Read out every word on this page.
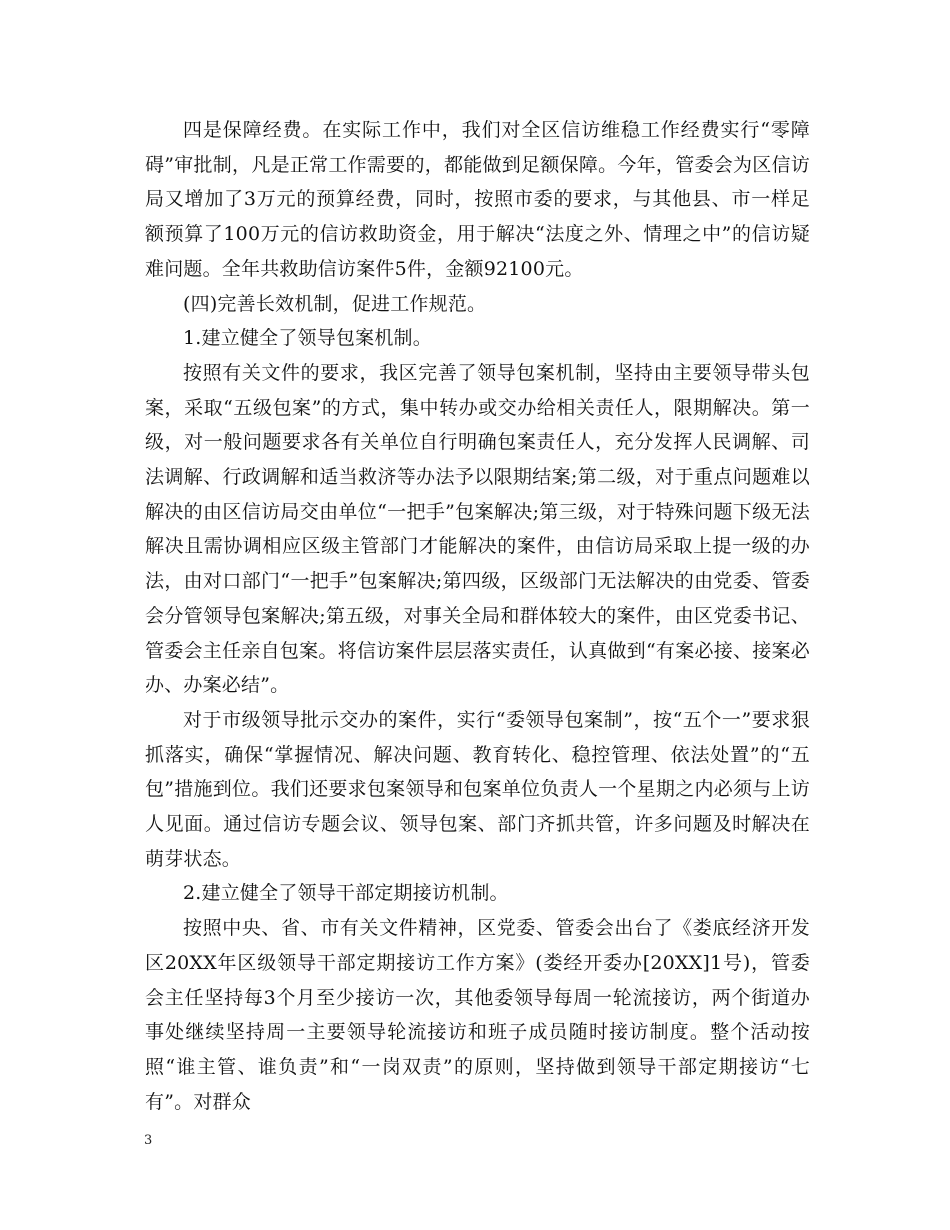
四是保障经费。在实际工作中，我们对全区信访维稳工作经费实行“零障碍”审批制，凡是正常工作需要的，都能做到足额保障。今年，管委会为区信访局又增加了3万元的预算经费，同时，按照市委的要求，与其他县、市一样足额预算了100万元的信访救助资金，用于解决“法度之外、情理之中”的信访疑难问题。全年共救助信访案件5件，金额92100元。

(四)完善长效机制，促进工作规范。

1.建立健全了领导包案机制。

按照有关文件的要求，我区完善了领导包案机制，坚持由主要领导带头包案，采取“五级包案”的方式，集中转办或交办给相关责任人，限期解决。第一级，对一般问题要求各有关单位自行明确包案责任人，充分发挥人民调解、司法调解、行政调解和适当救济等办法予以限期结案;第二级，对于重点问题难以解决的由区信访局交由单位“一把手”包案解决;第三级，对于特殊问题下级无法解决且需协调相应区级主管部门才能解决的案件，由信访局采取上提一级的办法，由对口部门“一把手”包案解决;第四级，区级部门无法解决的由党委、管委会分管领导包案解决;第五级，对事关全局和群体较大的案件，由区党委书记、管委会主任亲自包案。将信访案件层层落实责任，认真做到“有案必接、接案必办、办案必结”。

对于市级领导批示交办的案件，实行“委领导包案制”，按“五个一”要求狠抓落实，确保“掌握情况、解决问题、教育转化、稳控管理、依法处置”的“五包”措施到位。我们还要求包案领导和包案单位负责人一个星期之内必须与上访人见面。通过信访专题会议、领导包案、部门齐抓共管，许多问题及时解决在萌芽状态。

2.建立健全了领导干部定期接访机制。

按照中央、省、市有关文件精神，区党委、管委会出台了《娄底经济开发区20XX年区级领导干部定期接访工作方案》(娄经开委办[20XX]1号)，管委会主任坚持每3个月至少接访一次，其他委领导每周一轮流接访，两个街道办事处继续坚持周一主要领导轮流接访和班子成员随时接访制度。整个活动按照“谁主管、谁负责”和“一岗双责”的原则，坚持做到领导干部定期接访“七有”。对群众

3
